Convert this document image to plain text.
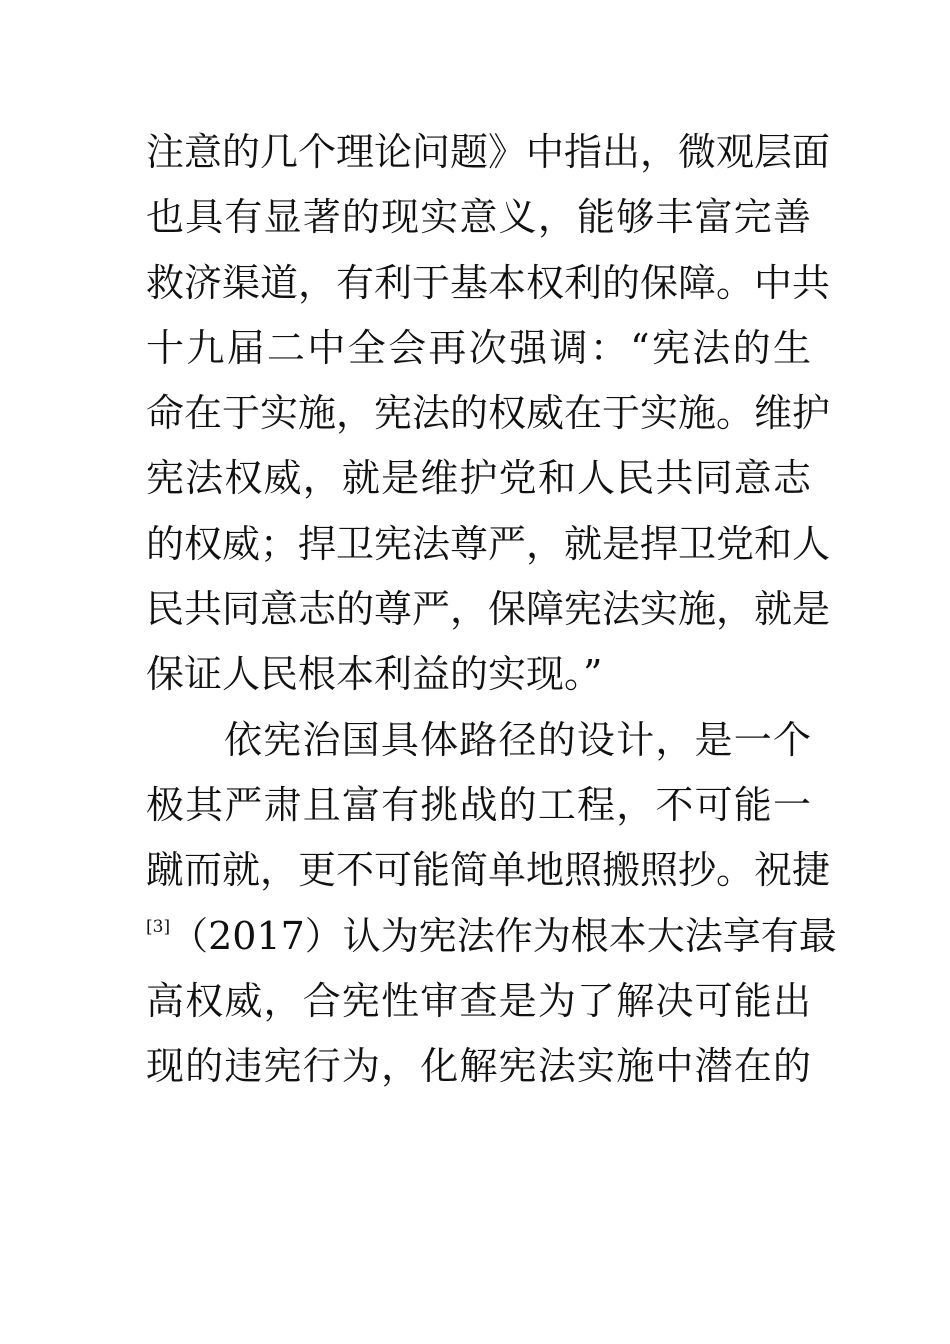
注意的几个理论问题》中指出，微观层面
也具有显著的现实意义，能够丰富完善
救济渠道，有利于基本权利的保障。中共
十九届二中全会再次强调：“宪法的生
命在于实施，宪法的权威在于实施。维护
宪法权威，就是维护党和人民共同意志
的权威；捍卫宪法尊严，就是捍卫党和人
民共同意志的尊严，保障宪法实施，就是
保证人民根本利益的实现。”
依宪治国具体路径的设计，是一个
极其严肃且富有挑战的工程，不可能一
蹴而就，更不可能简单地照搬照抄。祝捷
[3]（2017）认为宪法作为根本大法享有最
高权威，合宪性审查是为了解决可能出
现的违宪行为，化解宪法实施中潜在的
